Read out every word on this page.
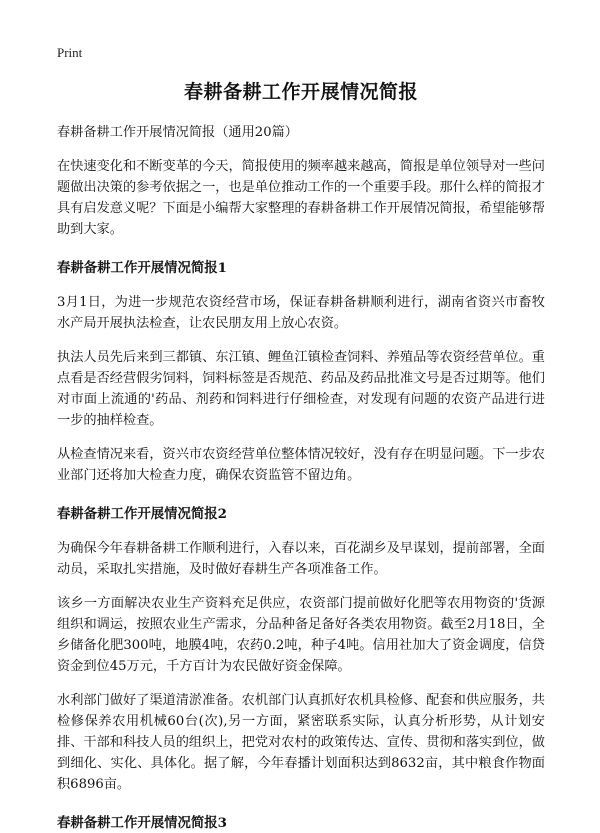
Print
春耕备耕工作开展情况简报
春耕备耕工作开展情况简报（通用20篇）

在快速变化和不断变革的今天，简报使用的频率越来越高，简报是单位领导对一些问题做出决策的参考依据之一，也是单位推动工作的一个重要手段。那什么样的简报才具有启发意义呢？下面是小编帮大家整理的春耕备耕工作开展情况简报，希望能够帮助到大家。

春耕备耕工作开展情况简报1

3月1日，为进一步规范农资经营市场，保证春耕备耕顺利进行，湖南省资兴市畜牧水产局开展执法检查，让农民朋友用上放心农资。

执法人员先后来到三都镇、东江镇、鲤鱼江镇检查饲料、养殖品等农资经营单位。重点看是否经营假劣饲料，饲料标签是否规范、药品及药品批准文号是否过期等。他们对市面上流通的'药品、剂药和饲料进行仔细检查，对发现有问题的农资产品进行进一步的抽样检查。

从检查情况来看，资兴市农资经营单位整体情况较好，没有存在明显问题。下一步农业部门还将加大检查力度，确保农资监管不留边角。

春耕备耕工作开展情况简报2

为确保今年春耕备耕工作顺利进行，入春以来，百花湖乡及早谋划，提前部署，全面动员，采取扎实措施，及时做好春耕生产各项准备工作。

该乡一方面解决农业生产资料充足供应，农资部门提前做好化肥等农用物资的'货源组织和调运，按照农业生产需求，分品种备足备好各类农用物资。截至2月18日，全乡储备化肥300吨，地膜4吨，农药0.2吨，种子4吨。信用社加大了资金调度，信贷资金到位45万元，千方百计为农民做好资金保障。

水利部门做好了渠道清淤准备。农机部门认真抓好农机具检修、配套和供应服务，共检修保养农用机械60台(次),另一方面，紧密联系实际，认真分析形势，从计划安排、干部和科技人员的组织上，把党对农村的政策传达、宣传、贯彻和落实到位，做到细化、实化、具体化。据了解，今年春播计划面积达到8632亩，其中粮食作物面积6896亩。

春耕备耕工作开展情况简报3
